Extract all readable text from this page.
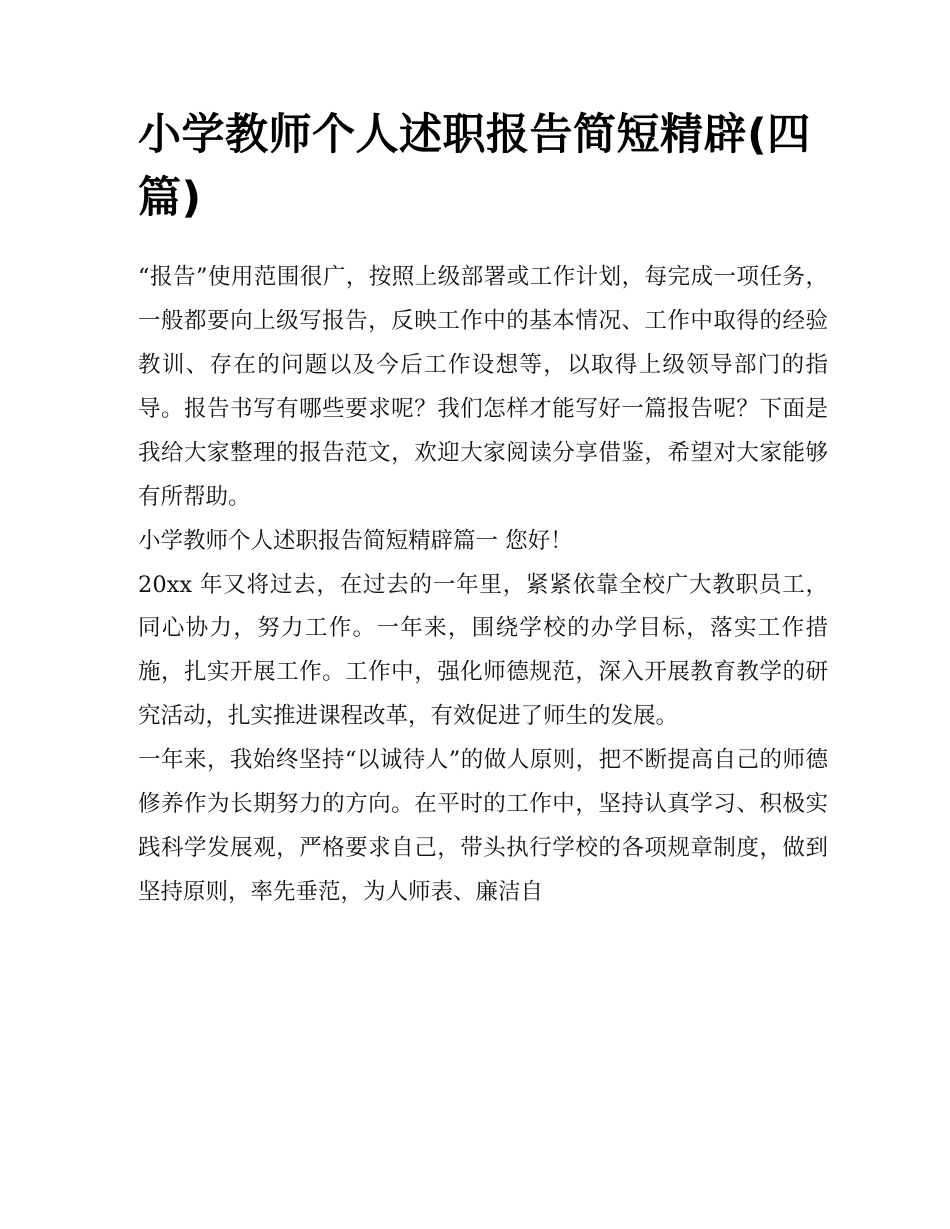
小学教师个人述职报告简短精辟(四篇)

“报告”使用范围很广，按照上级部署或工作计划，每完成一项任务，一般都要向上级写报告，反映工作中的基本情况、工作中取得的经验教训、存在的问题以及今后工作设想等，以取得上级领导部门的指导。报告书写有哪些要求呢？我们怎样才能写好一篇报告呢？下面是我给大家整理的报告范文，欢迎大家阅读分享借鉴，希望对大家能够有所帮助。

小学教师个人述职报告简短精辟篇一 您好！

20xx 年又将过去，在过去的一年里，紧紧依靠全校广大教职员工，同心协力，努力工作。一年来，围绕学校的办学目标，落实工作措施，扎实开展工作。工作中，强化师德规范，深入开展教育教学的研究活动，扎实推进课程改革，有效促进了师生的发展。

一年来，我始终坚持“以诚待人”的做人原则，把不断提高自己的师德修养作为长期努力的方向。在平时的工作中，坚持认真学习、积极实践科学发展观，严格要求自己，带头执行学校的各项规章制度，做到坚持原则，率先垂范，为人师表、廉洁自
